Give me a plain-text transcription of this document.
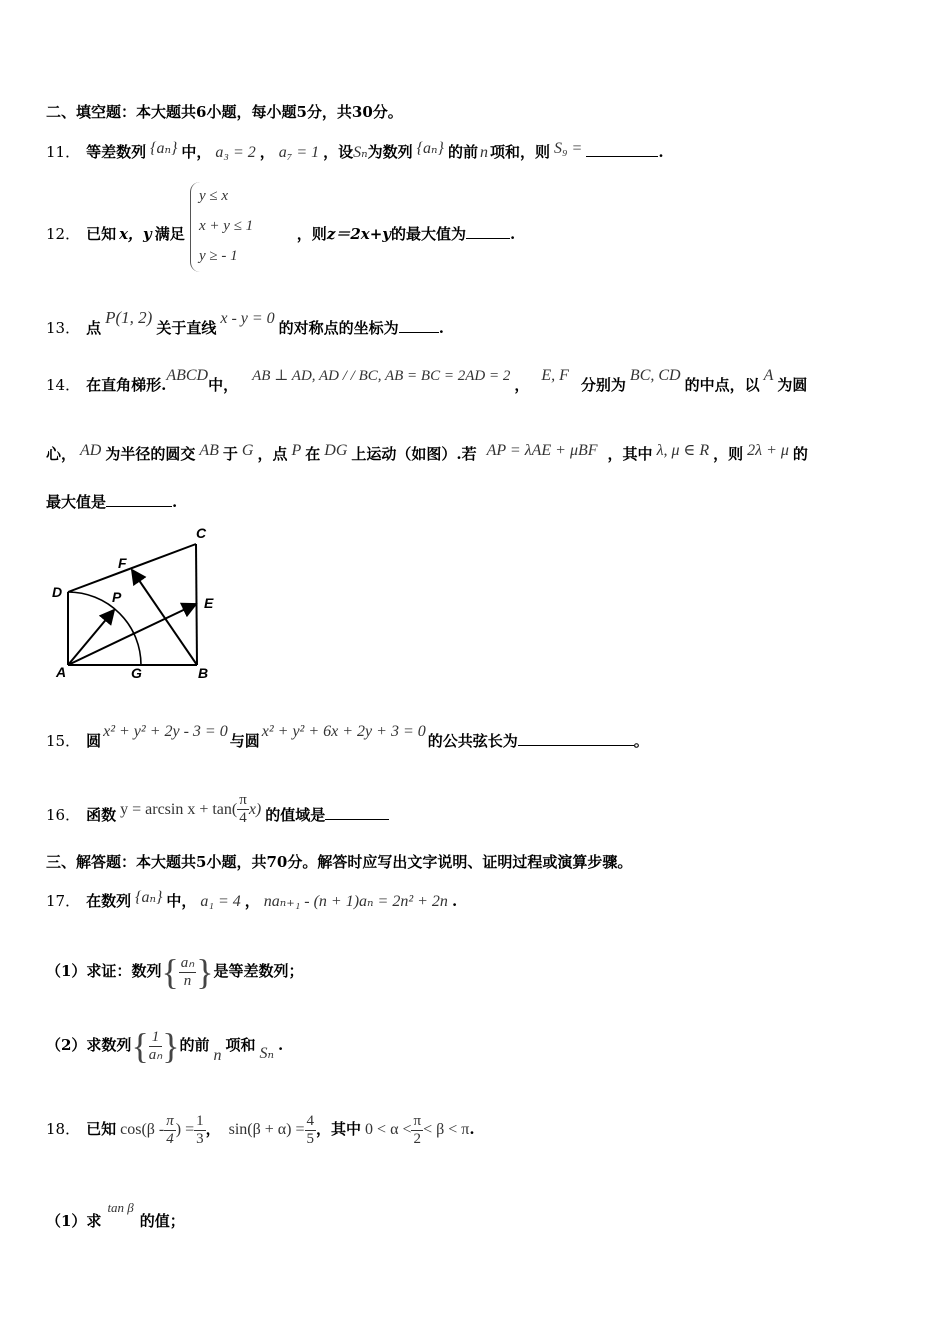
二、填空题：本大题共6小题，每小题5分，共30分。
11． 等差数列 {aₙ} 中， a₃ = 2 ， a₇ = 1 ，设Sₙ为数列 {aₙ} 的前 n 项和，则 S₉ =	.
y ≤ x
x + y ≤ 1
y ≥ - 1
12． 已知 x，y 满足	，则z＝2x+y的最大值为	.
13． 点P(1, 2)关于直线x - y = 0的对称点的坐标为	.
14． 在直角梯形.ABCD中， AB ⊥ AD, AD / / BC, AB = BC = 2AD = 2 ，E, F分别为BC, CD的中点，以A为圆
心， AD 为半径的圆交 AB 于 G ，点 P 在 DG 上运动（如图）.若 AP = λAE + μBF ，其中 λ, μ ∈ R ，则 2λ + μ 的
最大值是	.
C
F
D	P	E
A	G	B
15． 圆x² + y² + 2y - 3 = 0与圆x² + y² + 6x + 2y + 3 = 0的公共弦长为	。
16． 函数 $y = \arcsin x + \tan( \frac{\pi}{4} x)$ 的值域是
三、解答题：本大题共5小题，共70分。解答时应写出文字说明、证明过程或演算步骤。
17． 在数列 {aₙ} 中， a₁ = 4 ， naₙ₊₁ - (n + 1)aₙ = 2n² + 2n .
（1）求证：数列{ $\frac{\text{aₙ}}{n}$ }是等差数列；
（2）求数列{ $\frac{1}{\text{aₙ}}$ }的前n项和 Sₙ .
18． 已知 $\cos(\beta - \frac{\pi}{4}$ ) = $\frac{1}{3}$ ， $\sin(\beta + \alpha) = \frac{4}{5}$ ，其中 $0 < \alpha < \frac{\pi}{2} < \beta < \pi$.
（1）求tan β的值；
